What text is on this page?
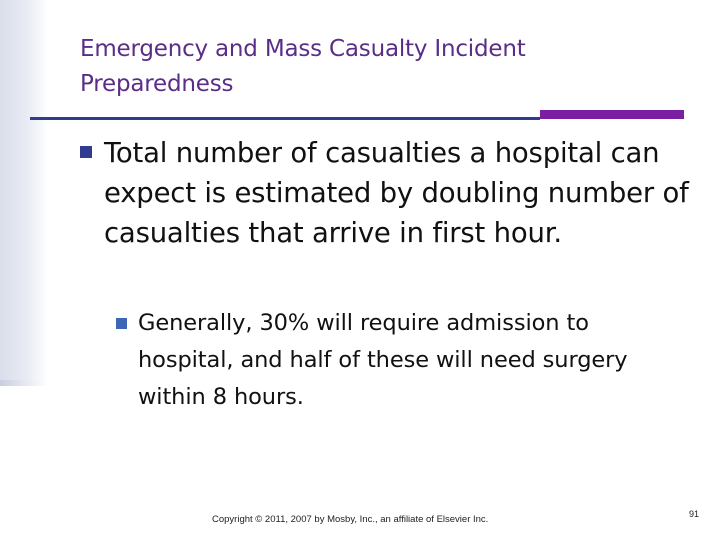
Emergency and Mass Casualty Incident Preparedness
Total number of casualties a hospital can expect is estimated by doubling number of casualties that arrive in first hour.
Generally, 30% will require admission to hospital, and half of these will need surgery within 8 hours.
Copyright © 2011, 2007 by Mosby, Inc., an affiliate of Elsevier Inc.	91
